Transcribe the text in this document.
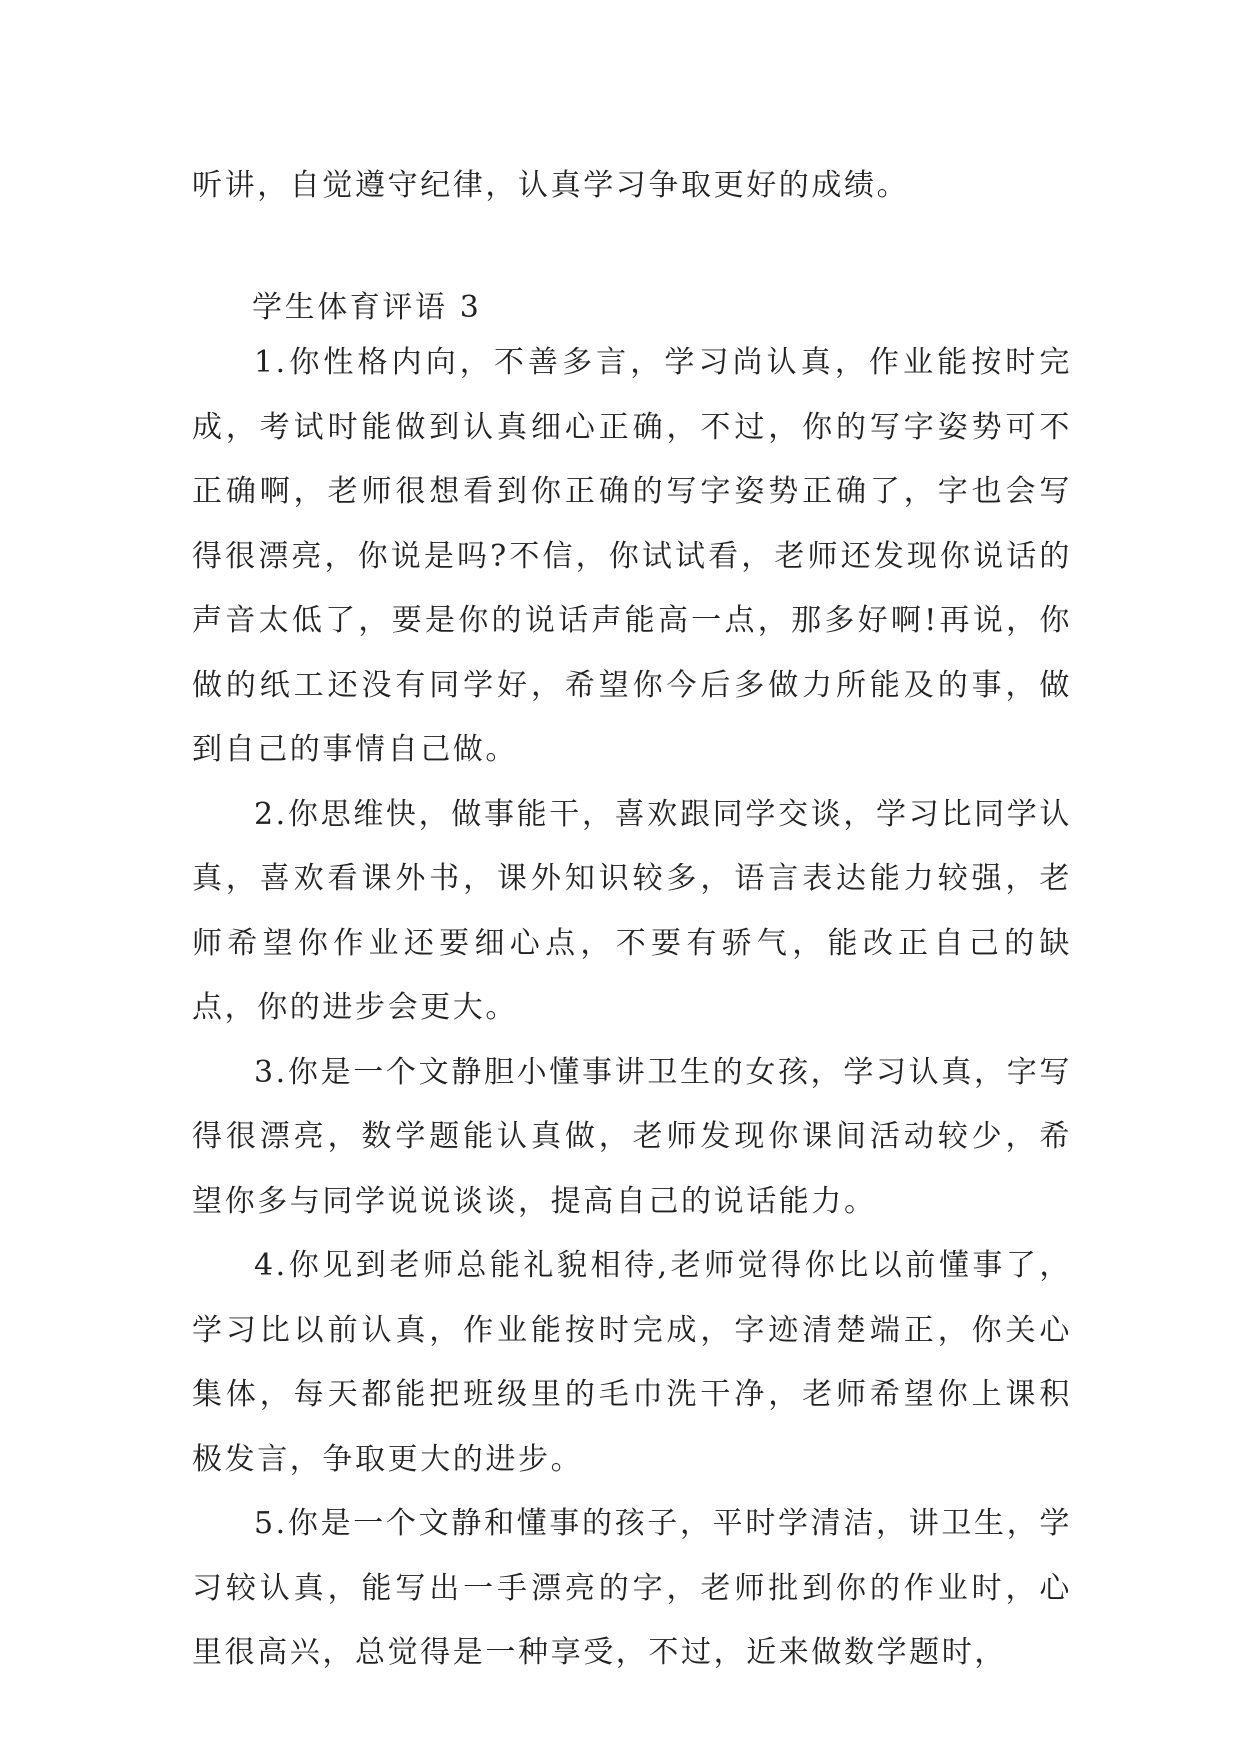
听讲，自觉遵守纪律，认真学习争取更好的成绩。

学生体育评语 3

1.你性格内向，不善多言，学习尚认真，作业能按时完成，考试时能做到认真细心正确，不过，你的写字姿势可不正确啊，老师很想看到你正确的写字姿势正确了，字也会写得很漂亮，你说是吗?不信，你试试看，老师还发现你说话的声音太低了，要是你的说话声能高一点，那多好啊!再说，你做的纸工还没有同学好，希望你今后多做力所能及的事，做到自己的事情自己做。

2.你思维快，做事能干，喜欢跟同学交谈，学习比同学认真，喜欢看课外书，课外知识较多，语言表达能力较强，老师希望你作业还要细心点，不要有骄气，能改正自己的缺点，你的进步会更大。

3.你是一个文静胆小懂事讲卫生的女孩，学习认真，字写得很漂亮，数学题能认真做，老师发现你课间活动较少，希望你多与同学说说谈谈，提高自己的说话能力。

4.你见到老师总能礼貌相待,老师觉得你比以前懂事了，学习比以前认真，作业能按时完成，字迹清楚端正，你关心集体，每天都能把班级里的毛巾洗干净，老师希望你上课积极发言，争取更大的进步。

5.你是一个文静和懂事的孩子，平时学清洁，讲卫生，学习较认真，能写出一手漂亮的字，老师批到你的作业时，心里很高兴，总觉得是一种享受，不过，近来做数学题时，
